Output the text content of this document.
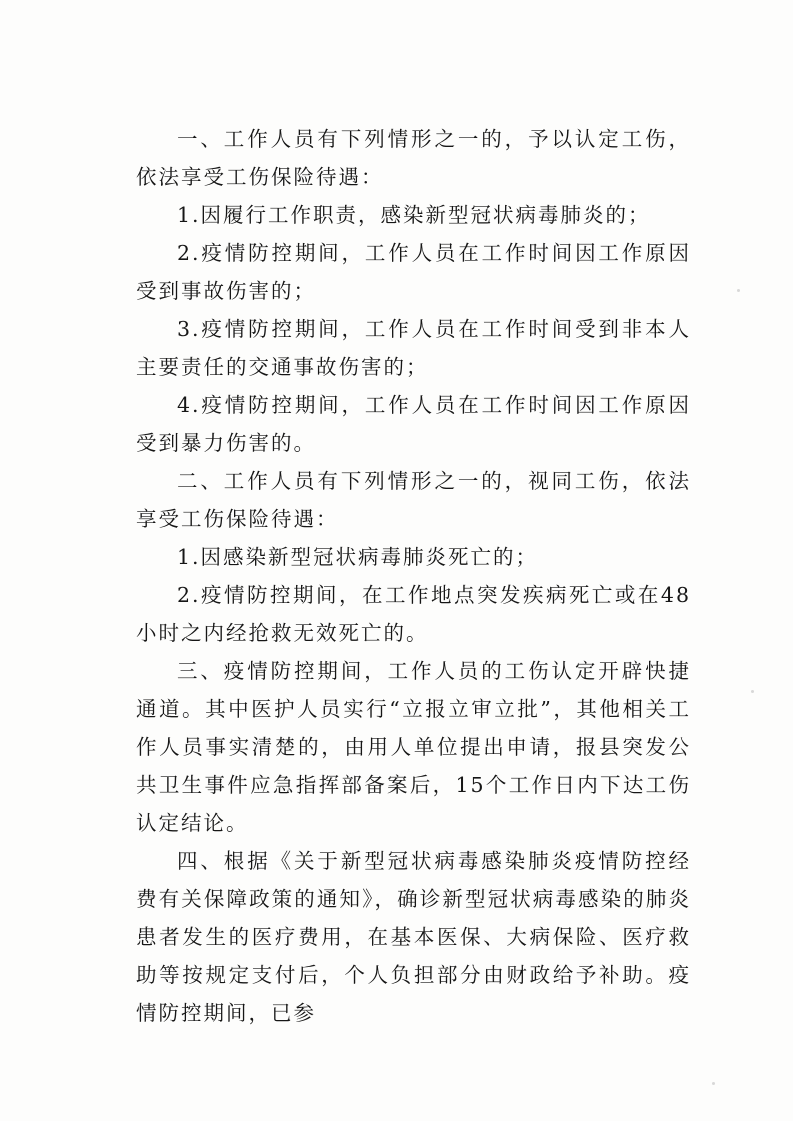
一、工作人员有下列情形之一的，予以认定工伤，依法享受工伤保险待遇：

1.因履行工作职责，感染新型冠状病毒肺炎的；

2.疫情防控期间，工作人员在工作时间因工作原因受到事故伤害的；

3.疫情防控期间，工作人员在工作时间受到非本人主要责任的交通事故伤害的；

4.疫情防控期间，工作人员在工作时间因工作原因受到暴力伤害的。

二、工作人员有下列情形之一的，视同工伤，依法享受工伤保险待遇：

1.因感染新型冠状病毒肺炎死亡的；

2.疫情防控期间，在工作地点突发疾病死亡或在48小时之内经抢救无效死亡的。

三、疫情防控期间，工作人员的工伤认定开辟快捷通道。其中医护人员实行“立报立审立批”，其他相关工作人员事实清楚的，由用人单位提出申请，报县突发公共卫生事件应急指挥部备案后，15个工作日内下达工伤认定结论。

四、根据《关于新型冠状病毒感染肺炎疫情防控经费有关保障政策的通知》，确诊新型冠状病毒感染的肺炎患者发生的医疗费用，在基本医保、大病保险、医疗救助等按规定支付后，个人负担部分由财政给予补助。疫情防控期间，已参
